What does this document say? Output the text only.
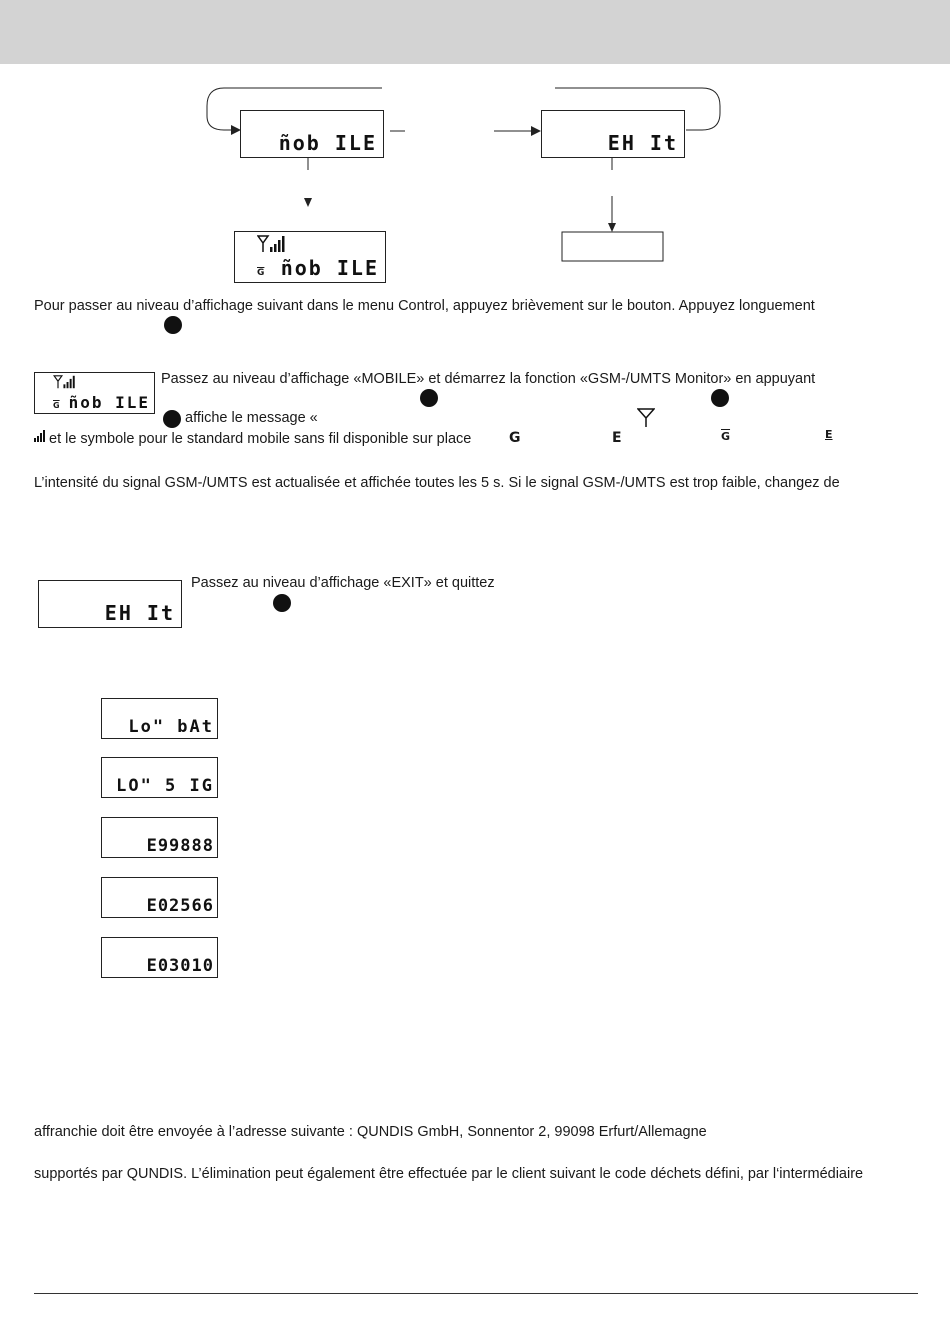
ñob ILE	EH It
$\overline{G}$ ñob ILE
Pour passer au niveau d’affichage suivant dans le menu Control, appuyez brièvement sur le bouton. Appuyez longuement
$\overline{G}$ ñob ILE
Passez au niveau d’affichage «MOBILE» et démarrez la fonction «GSM-/UMTS Monitor» en appuyant
affiche le message «
et le symbole pour le standard mobile sans fil disponible sur place	G	E	$\overline{G}$	E
L’intensité du signal GSM-/UMTS est actualisée et affichée toutes les 5 s. Si le signal GSM-/UMTS est trop faible, changez de
EH It
Passez au niveau d’affichage «EXIT» et quittez
Lo" bAt
LO" 5 IG
E99888
E02566
E03010
affranchie doit être envoyée à l’adresse suivante : QUNDIS GmbH, Sonnentor 2, 99098 Erfurt/Allemagne
supportés par QUNDIS. L’élimination peut également être effectuée par le client suivant le code déchets défini, par l‘intermédiaire
